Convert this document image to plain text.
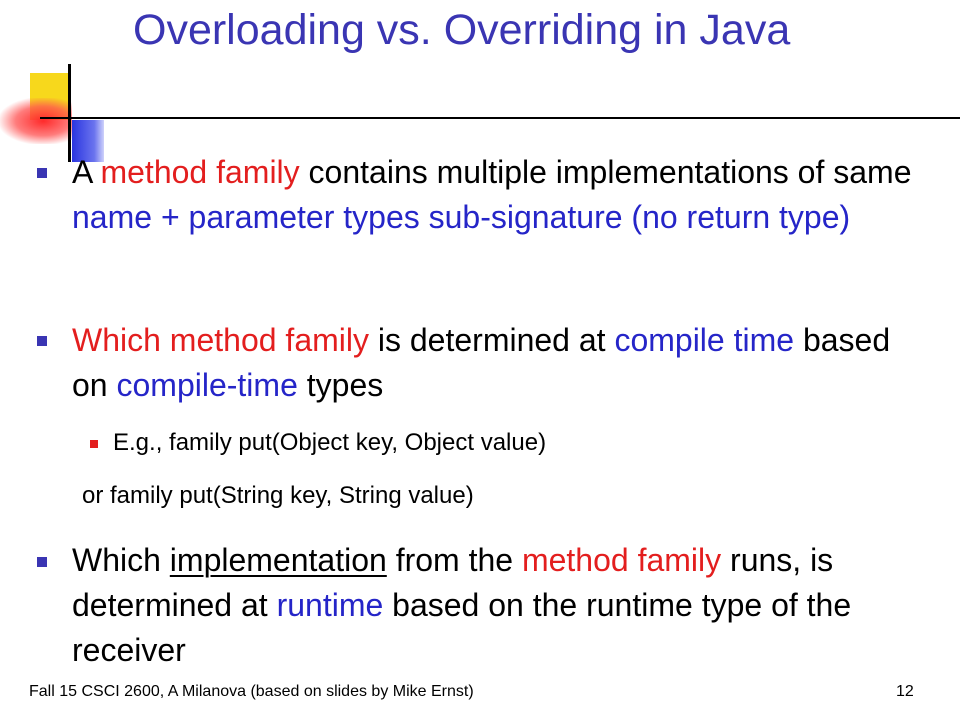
Overloading vs. Overriding in Java
A method family contains multiple implementations of same name + parameter types sub-signature (no return type)
Which method family is determined at compile time based on compile-time types
E.g., family put(Object key, Object value)
or family put(String key, String value)
Which implementation from the method family runs, is determined at runtime based on the runtime type of the receiver
Fall 15 CSCI 2600, A Milanova (based on slides by Mike Ernst)	12
